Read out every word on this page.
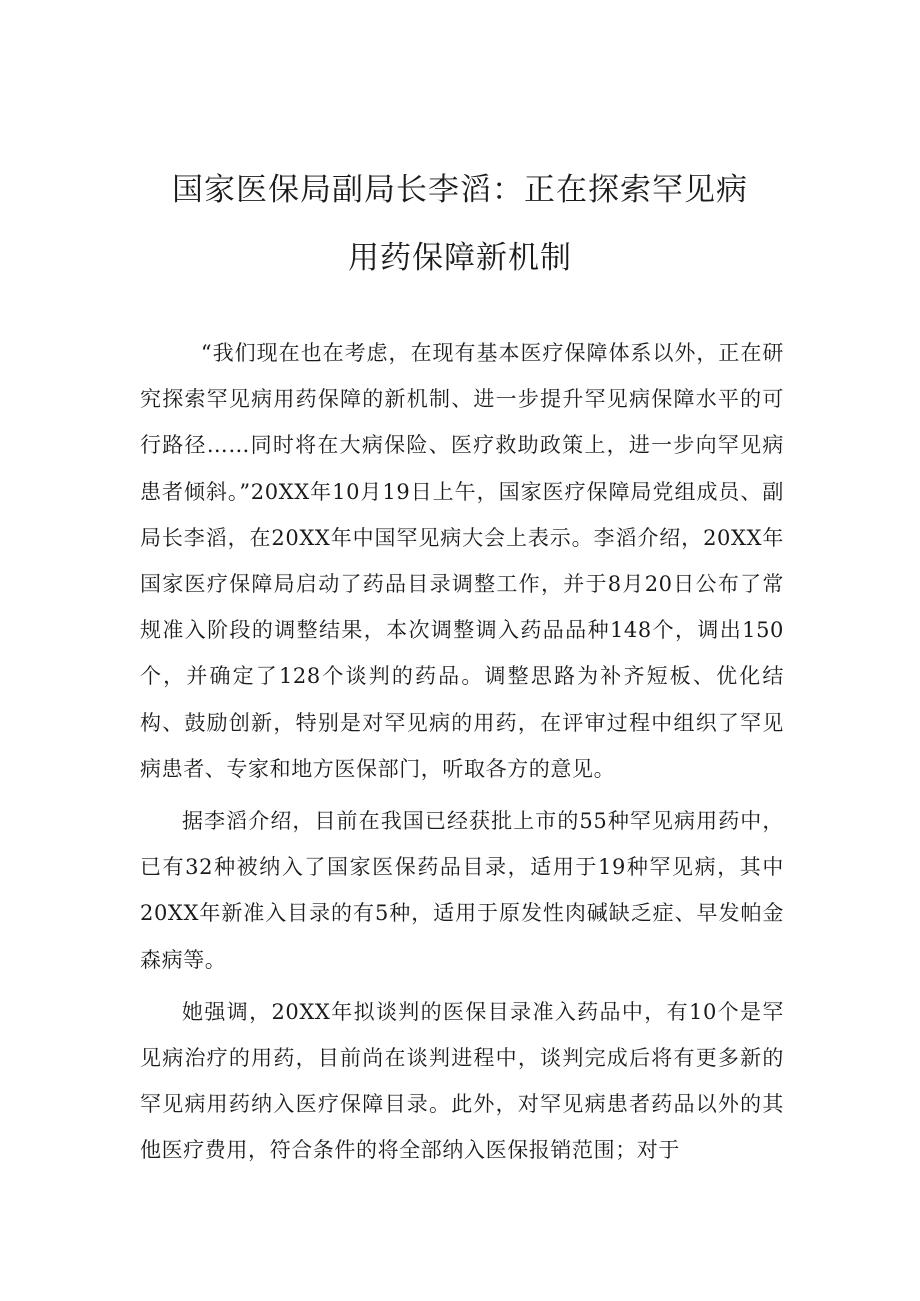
国家医保局副局长李滔：正在探索罕见病
用药保障新机制

“我们现在也在考虑，在现有基本医疗保障体系以外，正在研究探索罕见病用药保障的新机制、进一步提升罕见病保障水平的可行路径……同时将在大病保险、医疗救助政策上，进一步向罕见病患者倾斜。”20XX年10月19日上午，国家医疗保障局党组成员、副局长李滔，在20XX年中国罕见病大会上表示。李滔介绍，20XX年国家医疗保障局启动了药品目录调整工作，并于8月20日公布了常规准入阶段的调整结果，本次调整调入药品品种148个，调出150个，并确定了128个谈判的药品。调整思路为补齐短板、优化结构、鼓励创新，特别是对罕见病的用药，在评审过程中组织了罕见病患者、专家和地方医保部门，听取各方的意见。

据李滔介绍，目前在我国已经获批上市的55种罕见病用药中，已有32种被纳入了国家医保药品目录，适用于19种罕见病，其中20XX年新准入目录的有5种，适用于原发性肉碱缺乏症、早发帕金森病等。

她强调，20XX年拟谈判的医保目录准入药品中，有10个是罕见病治疗的用药，目前尚在谈判进程中，谈判完成后将有更多新的罕见病用药纳入医疗保障目录。此外，对罕见病患者药品以外的其他医疗费用，符合条件的将全部纳入医保报销范围；对于
